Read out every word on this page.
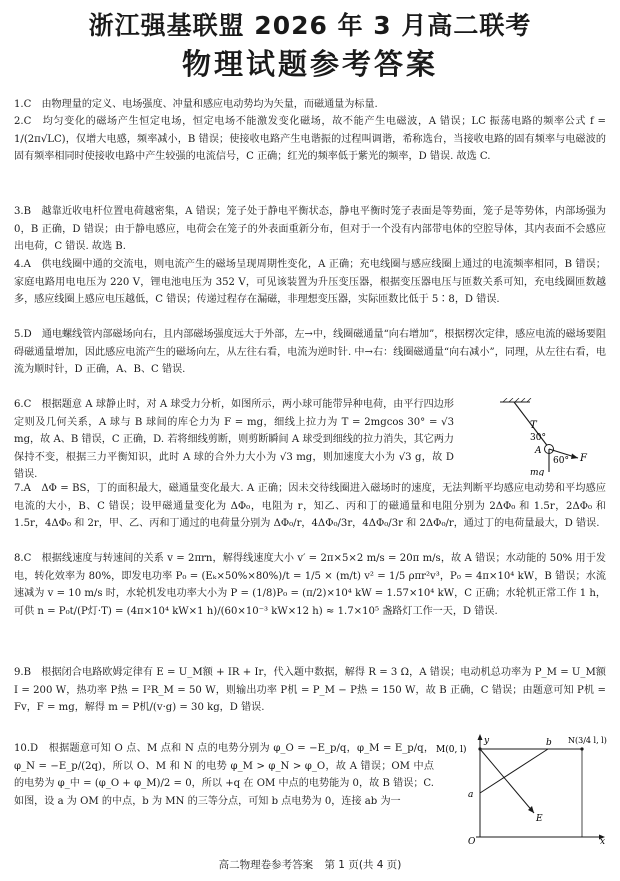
浙江强基联盟 2026 年 3 月高二联考
物理试题参考答案

1.C　由物理量的定义、电场强度、冲量和感应电动势均为矢量，而磁通量为标量.

2.C　均匀变化的磁场产生恒定电场，恒定电场不能激发变化磁场，故不能产生电磁波，A 错误；LC 振荡电路的频率公式 f = 1/(2π√LC)，仅增大电感，频率减小，B 错误；使接收电路产生电谐振的过程叫调谐，希称选台，当接收电路的固有频率与电磁波的固有频率相同时使接收电路中产生较强的电流信号，C 正确；红光的频率低于紫光的频率，D 错误. 故选 C.

3.B　越靠近收电杆位置电荷越密集，A 错误；笼子处于静电平衡状态，静电平衡时笼子表面是等势面，笼子是等势体，内部场强为 0，B 正确，D 错误；由于静电感应，电荷会在笼子的外表面重新分布，但对于一个没有内部带电体的空腔导体，其内表面不会感应出电荷，C 错误. 故选 B.

4.A　供电线圈中通的交流电，则电流产生的磁场呈现周期性变化，A 正确；充电线圈与感应线圈上通过的电流频率相同，B 错误；家庭电路用电电压为 220 V，锂电池电压为 352 V，可见该装置为升压变压器，根据变压器电压与匝数关系可知，充电线圈匝数越多，感应线圈上感应电压越低，C 错误；传递过程存在漏磁，非理想变压器，实际匝数比低于 5∶8，D 错误.

5.D　通电螺线管内部磁场向右，且内部磁场强度远大于外部，左→中，线圈磁通量“向右增加”，根据楞次定律，感应电流的磁场要阻碍磁通量增加，因此感应电流产生的磁场向左，从左往右看，电流为逆时针. 中→右：线圈磁通量“向右减小”，同理，从左往右看，电流为顺时针，D 正确，A、B、C 错误.

6.C　根据题意 A 球静止时，对 A 球受力分析，如图所示，两小球可能带异种电荷，由平行四边形定则及几何关系，A 球与 B 球间的库仑力为 F = mg，细线上拉力为 T = 2mgcos 30° = √3 mg，故 A、B 错误，C 正确，D. 若将细线剪断，则剪断瞬间 A 球受到细线的拉力消失，其它两力保持不变，根据三力平衡知识，此时 A 球的合外力大小为 √3 mg，则加速度大小为 √3 g，故 D 错误.

7.A　ΔΦ = BS，丁的面积最大，磁通量变化最大. A 正确；因未交待线圈进入磁场时的速度，无法判断平均感应电动势和平均感应电流的大小，B、C 错误；设甲磁通量变化为 ΔΦ₀，电阻为 r，知乙、丙和丁的磁通量和电阻分别为 2ΔΦ₀ 和 1.5r，2ΔΦ₀ 和 1.5r，4ΔΦ₀ 和 2r，甲、乙、丙和丁通过的电荷量分别为 ΔΦ₀/r，4ΔΦ₀/3r，4ΔΦ₀/3r 和 2ΔΦ₀/r，通过丁的电荷量最大，D 错误.

8.C　根据线速度与转速间的关系 v = 2πrn，解得线速度大小 v′ = 2π×5×2 m/s = 20π m/s，故 A 错误；水动能的 50% 用于发电，转化效率为 80%，即发电功率 P₀ = (Eₖ×50%×80%)/t = 1/5 × (m/t) v² = 1/5 ρπr²v³，P₀ = 4π×10⁴ kW，B 错误；水流速减为 v = 10 m/s 时，水轮机发电功率大小为 P = (1/8)P₀ = (π/2)×10⁴ kW = 1.57×10⁴ kW，C 正确；水轮机正常工作 1 h，可供 n = P₀t/(P灯·T) = (4π×10⁴ kW×1 h)/(60×10⁻³ kW×12 h) ≈ 1.7×10⁵ 盏路灯工作一天，D 错误.

9.B　根据闭合电路欧姆定律有 E = U_M额 + IR + Ir，代入题中数据，解得 R = 3 Ω，A 错误；电动机总功率为 P_M = U_M额 I = 200 W，热功率 P热 = I²R_M = 50 W，则输出功率 P机 = P_M − P热 = 150 W，故 B 正确，C 错误；由题意可知 P机 = Fv，F = mg，解得 m = P机/(v·g) = 30 kg，D 错误.

10.D　根据题意可知 O 点、M 点和 N 点的电势分别为 φ_O = −E_p/q，φ_M = E_p/q，φ_N = −E_p/(2q)，所以 O、M 和 N 的电势 φ_M > φ_N > φ_O，故 A 错误；OM 中点的电势为 φ_中 = (φ_O + φ_M)/2 = 0，所以 +q 在 OM 中点的电势能为 0，故 B 错误；C. 如图，设 a 为 OM 的中点，b 为 MN 的三等分点，可知 b 点电势为 0，连接 ab 为一

T
30°
A
60° F
mg
y
M(0, l)
b N(3/4 l, l)
a
E
O	x
高二物理卷参考答案 第 1 页(共 4 页)
